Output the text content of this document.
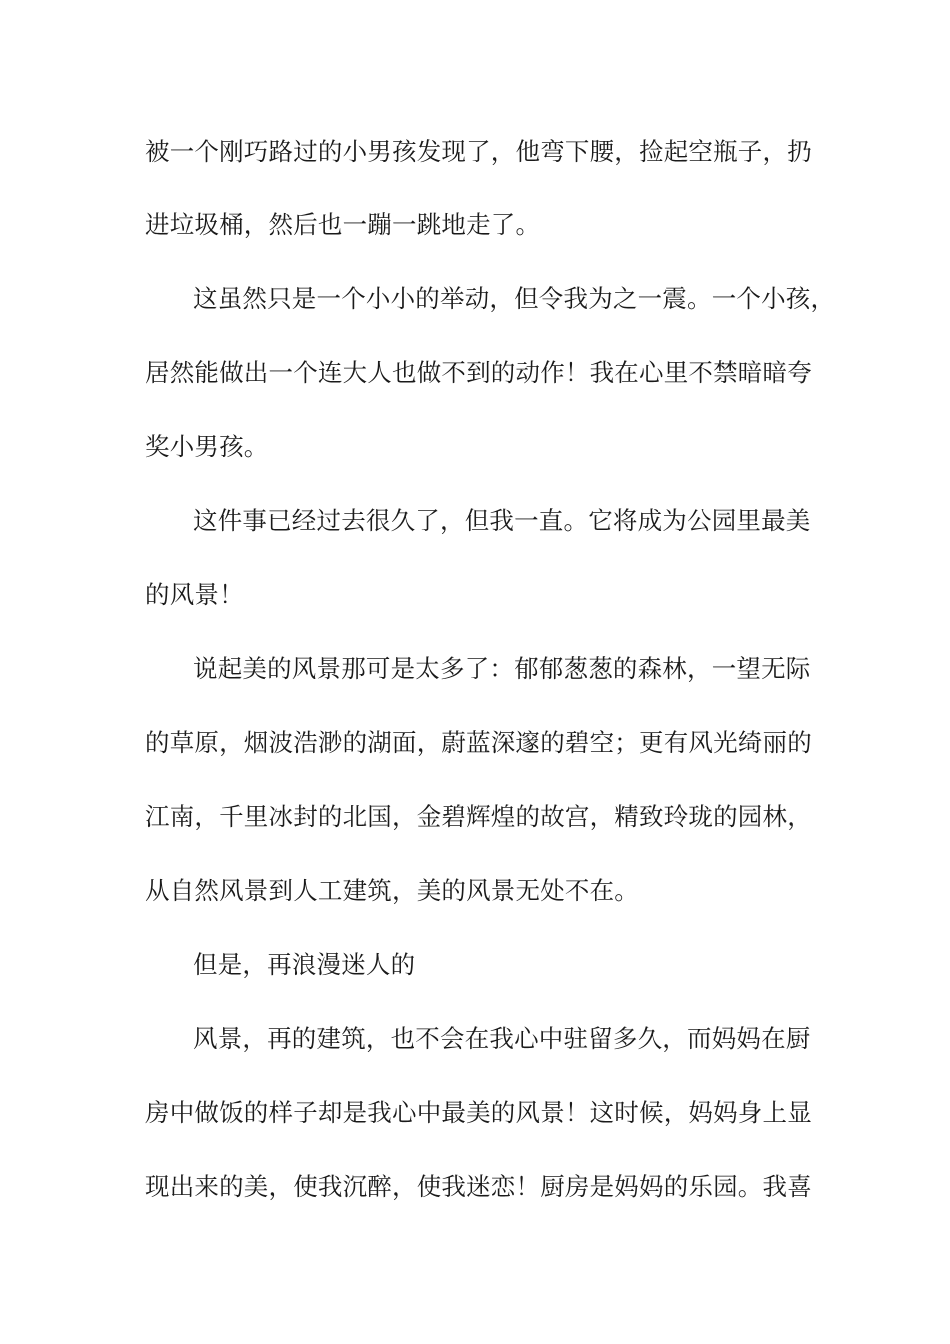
被一个刚巧路过的小男孩发现了，他弯下腰，捡起空瓶子，扔

进垃圾桶，然后也一蹦一跳地走了。

这虽然只是一个小小的举动，但令我为之一震。一个小孩，

居然能做出一个连大人也做不到的动作！我在心里不禁暗暗夸

奖小男孩。

这件事已经过去很久了，但我一直。它将成为公园里最美

的风景！

说起美的风景那可是太多了：郁郁葱葱的森林，一望无际

的草原，烟波浩渺的湖面，蔚蓝深邃的碧空；更有风光绮丽的

江南，千里冰封的北国，金碧辉煌的故宫，精致玲珑的园林，

从自然风景到人工建筑，美的风景无处不在。

但是，再浪漫迷人的

风景，再的建筑，也不会在我心中驻留多久，而妈妈在厨

房中做饭的样子却是我心中最美的风景！这时候，妈妈身上显

现出来的美，使我沉醉，使我迷恋！厨房是妈妈的乐园。我喜
